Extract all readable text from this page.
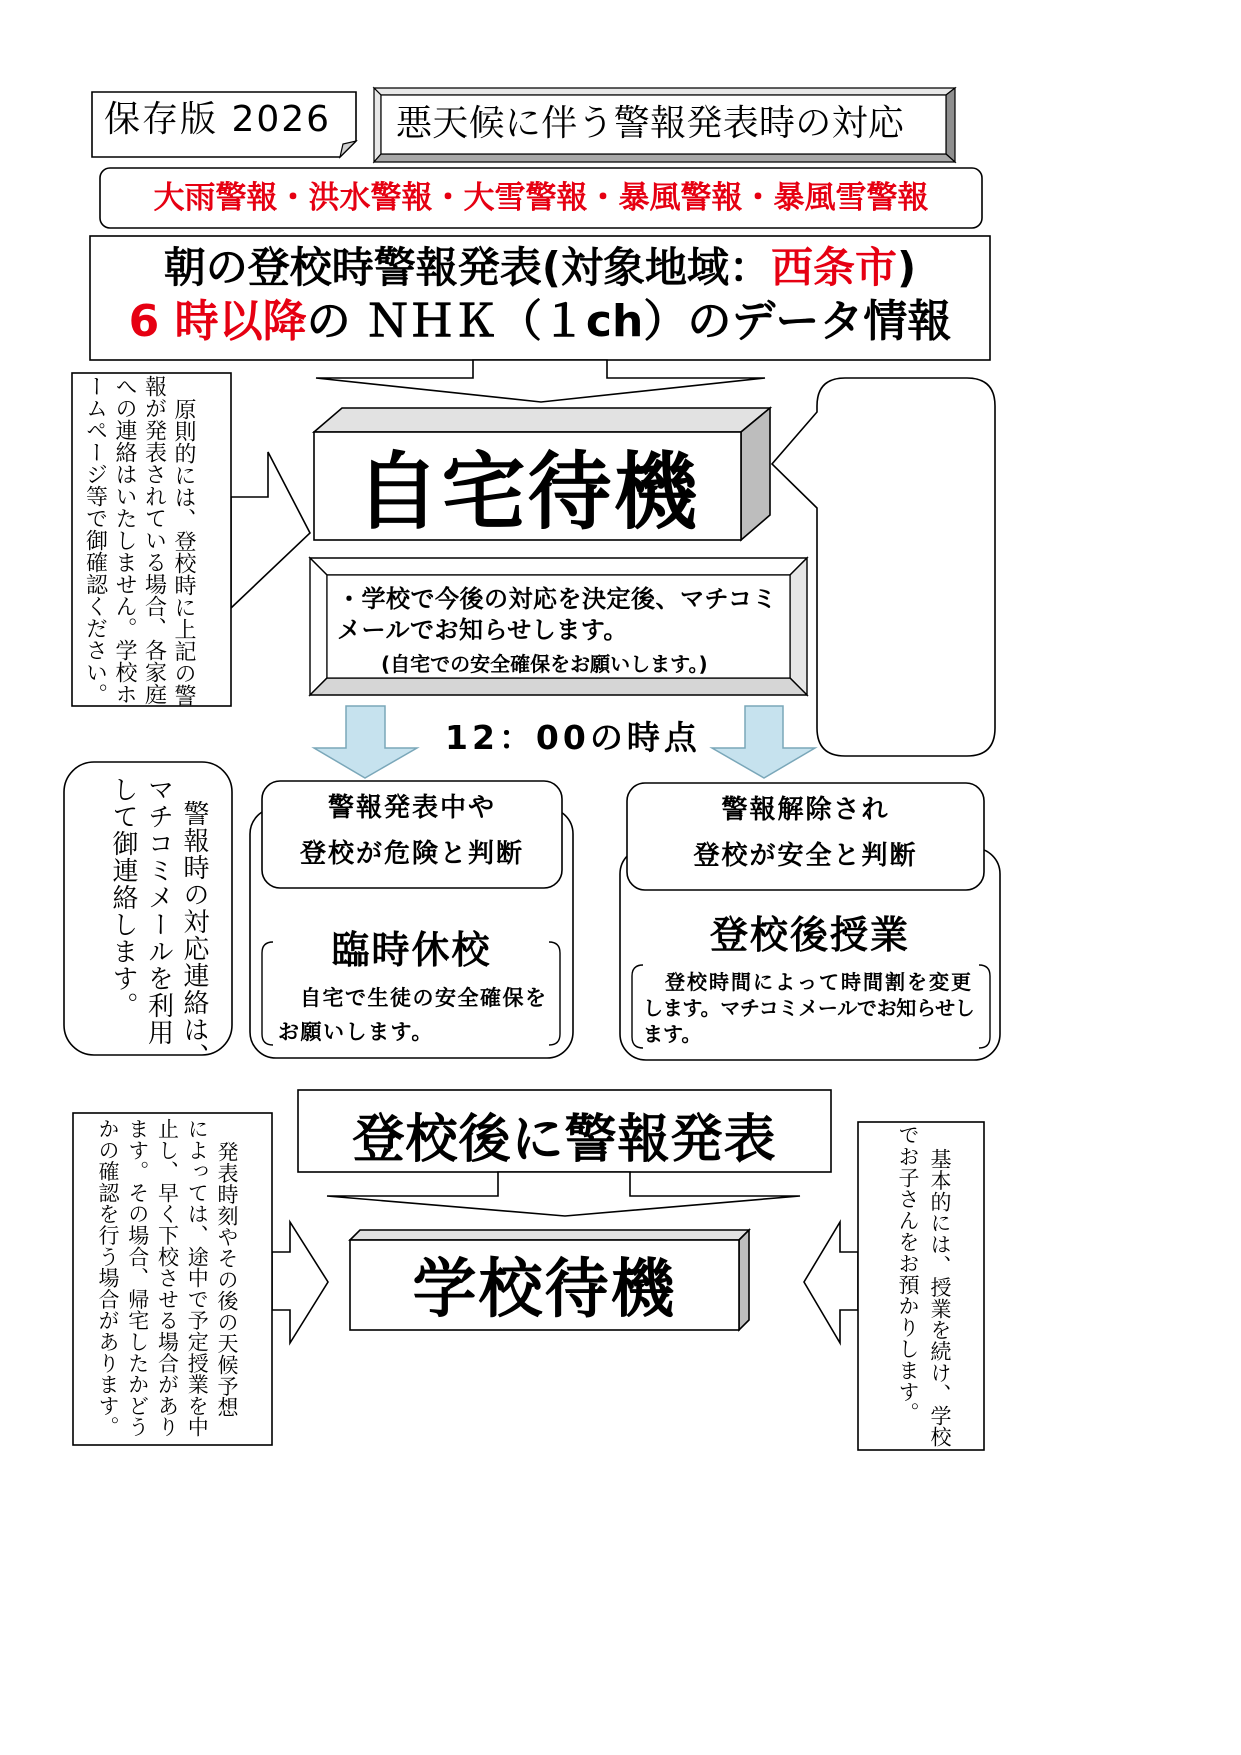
保存版 2026 悪天候に伴う警報発表時の対応
大雨警報・洪水警報・大雪警報・暴風警報・暴風雪警報
朝の登校時警報発表(対象地域：西条市)
6 時以降の ＮＨＫ（１ch）のデータ情報
自宅待機
・学校で今後の対応を決定後、マチコミ
メールでお知らせします。
(自宅での安全確保をお願いします。)
原則的には、登校時に上記の警
報が発表されている場合、各家庭
への連絡はいたしません。学校ホ
ームページ等で御確認ください。
12：00の時点
警報時の対応連絡は、
マチコミメールを利用
して御連絡します。	警報発表中や
登校が危険と判断
臨時休校
自宅で生徒の安全確保を
お願いします。
警報解除され
登校が安全と判断
登校後授業
登校時間によって時間割を変更
します。マチコミメールでお知らせし
ます。
登校後に警報発表
学校待機
発表時刻やその後の天候予想
によっては、途中で予定授業を中
止し、早く下校させる場合があり
ます。その場合、帰宅したかどう
かの確認を行う場合があります。	基本的には、授業を続け、学校
でお子さんをお預かりします。
